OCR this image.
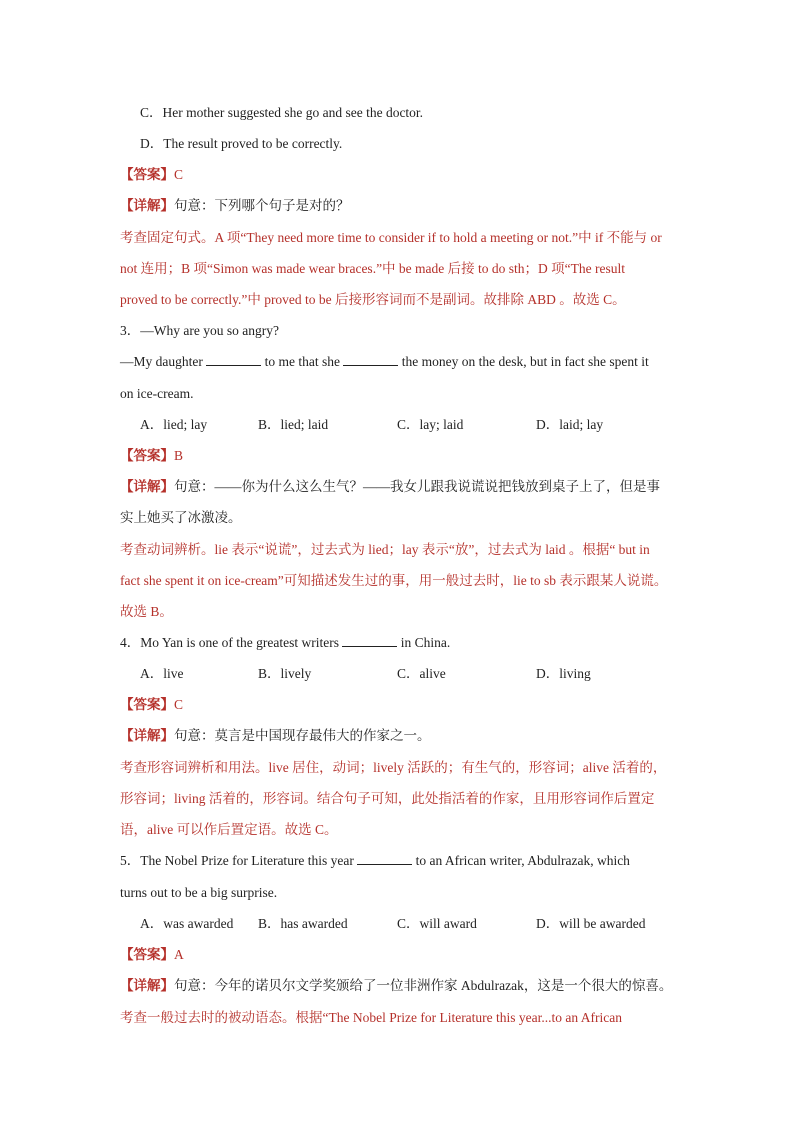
C．Her mother suggested she go and see the doctor.
D．The result proved to be correctly.
【答案】C
【详解】句意：下列哪个句子是对的？
考查固定句式。A 项“They need more time to consider if to hold a meeting or not.”中 if 不能与 or
not 连用；B 项“Simon was made wear braces.”中 be made 后接 to do sth；D 项“The result
proved to be correctly.”中 proved to be 后接形容词而不是副词。故排除 ABD 。故选 C。
3．—Why are you so angry?
—My daughter	to me that she	the money on the desk, but in fact she spent it
on ice-cream.
A．lied; lay	B．lied; laid	C．lay; laid	D．laid; lay
【答案】B
【详解】句意：——你为什么这么生气？——我女儿跟我说谎说把钱放到桌子上了，但是事
实上她买了冰激凌。
考查动词辨析。lie 表示“说谎”，过去式为 lied；lay 表示“放”，过去式为 laid 。根据“ but in
fact she spent it on ice-cream”可知描述发生过的事，用一般过去时，lie to sb 表示跟某人说谎。
故选 B。
4．Mo Yan is one of the greatest writers	in China.
A．live	B．lively	C．alive	D．living
【答案】C
【详解】句意：莫言是中国现存最伟大的作家之一。
考查形容词辨析和用法。live 居住，动词；lively 活跃的；有生气的，形容词；alive 活着的，
形容词；living 活着的，形容词。结合句子可知，此处指活着的作家，且用形容词作后置定
语，alive 可以作后置定语。故选 C。
5．The Nobel Prize for Literature this year	to an African writer, Abdulrazak, which
turns out to be a big surprise.
A．was awarded B．has awarded	C．will award	D．will be awarded
【答案】A
【详解】句意：今年的诺贝尔文学奖颁给了一位非洲作家 Abdulrazak，这是一个很大的惊喜。
考查一般过去时的被动语态。根据“The Nobel Prize for Literature this year...to an African
